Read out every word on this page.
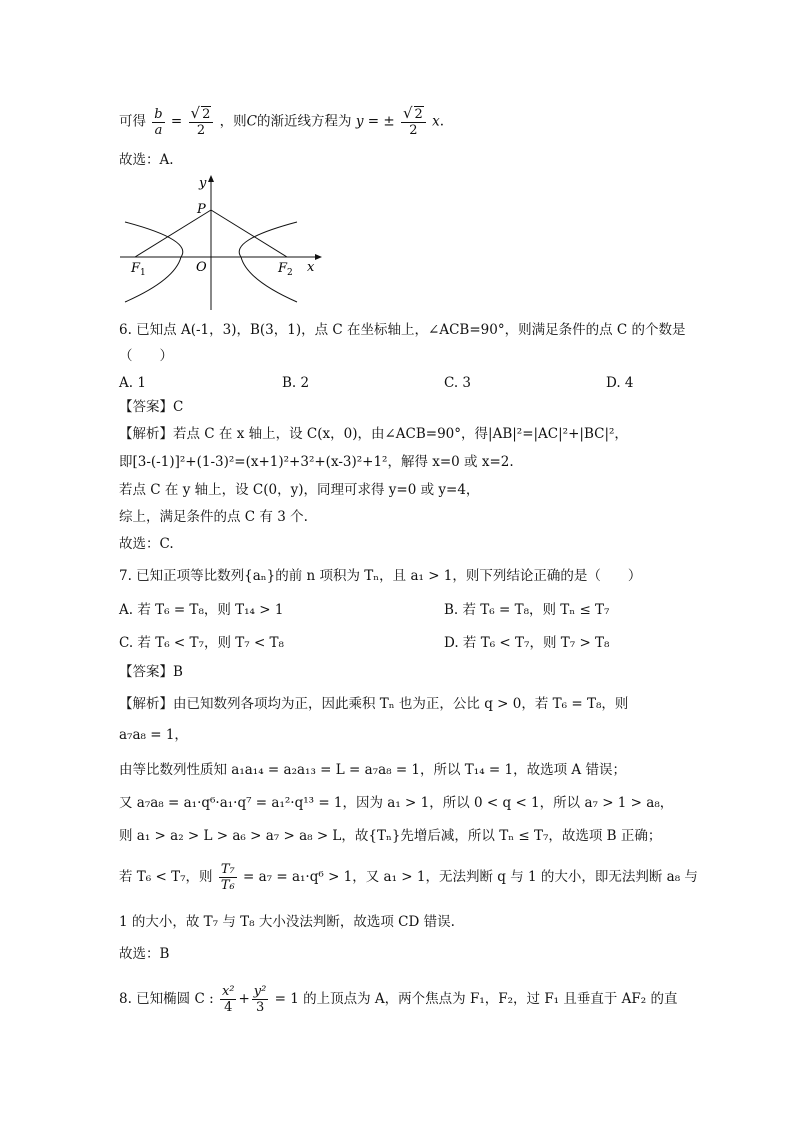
可得 $\frac{b}{a} = \frac{√ 2}{2}$ ，则C的渐近线方程为 y = ± $\frac{√ 2}{2} x$.
故选：A.
y
P
O	x
$F_1$	$F_2$
6. 已知点 A(-1，3)，B(3，1)，点 C 在坐标轴上，∠ACB=90°，则满足条件的点 C 的个数是
（　　）
A. 1	B. 2	C. 3	D. 4
【答案】C
【解析】若点 C 在 x 轴上，设 C(x，0)，由∠ACB=90°，得|AB|²=|AC|²+|BC|²，
即[3-(-1)]²+(1-3)²=(x+1)²+3²+(x-3)²+1²，解得 x=0 或 x=2.
若点 C 在 y 轴上，设 C(0，y)，同理可求得 y=0 或 y=4，
综上，满足条件的点 C 有 3 个.
故选：C.
7. 已知正项等比数列{aₙ}的前 n 项积为 Tₙ，且 a₁ > 1，则下列结论正确的是（　　）
A. 若 T₆ = T₈，则 T₁₄ > 1	B. 若 T₆ = T₈，则 Tₙ ≤ T₇
C. 若 T₆ < T₇，则 T₇ < T₈	D. 若 T₆ < T₇，则 T₇ > T₈
【答案】B
【解析】由已知数列各项均为正，因此乘积 Tₙ 也为正，公比 q > 0，若 T₆ = T₈，则
a₇a₈ = 1，
由等比数列性质知 a₁a₁₄ = a₂a₁₃ = L = a₇a₈ = 1，所以 T₁₄ = 1，故选项 A 错误；
又 a₇a₈ = a₁·q⁶·a₁·q⁷ = a₁²·q¹³ = 1，因为 a₁ > 1，所以 0 < q < 1，所以 a₇ > 1 > a₈，
则 a₁ > a₂ > L > a₆ > a₇ > a₈ > L，故{Tₙ}先增后减，所以 Tₙ ≤ T₇，故选项 B 正确；
若 T₆ < T₇，则 $\frac{\text{T₇}}{\text{T₆}} = a_7 = a_1\cdot q^6 > 1$，又 a₁ > 1，无法判断 q 与 1 的大小，即无法判断 a₈ 与
1 的大小，故 T₇ 与 T₈ 大小没法判断，故选项 CD 错误.
故选：B
8. 已知椭圆 C : $\frac{\text{x²}}{4} + \frac{\text{y²}}{3} = 1$ 的上顶点为 A，两个焦点为 F₁，F₂，过 F₁ 且垂直于 AF₂ 的直
